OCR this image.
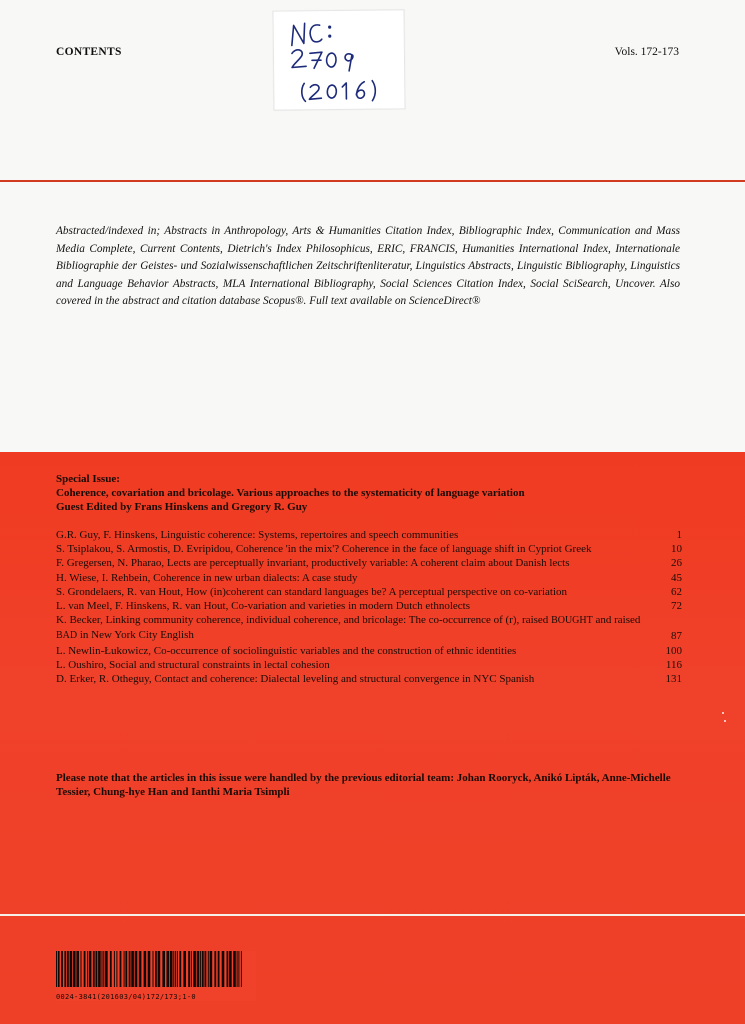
CONTENTS	Vols. 172-173
Abstracted/indexed in; Abstracts in Anthropology, Arts & Humanities Citation Index, Bibliographic Index, Communication and Mass Media Complete, Current Contents, Dietrich's Index Philosophicus, ERIC, FRANCIS, Humanities International Index, Internationale Bibliographie der Geistes- und Sozialwissenschaftlichen Zeitschriftenliteratur, Linguistics Abstracts, Linguistic Bibliography, Linguistics and Language Behavior Abstracts, MLA International Bibliography, Social Sciences Citation Index, Social SciSearch, Uncover. Also covered in the abstract and citation database Scopus®. Full text available on ScienceDirect®
Special Issue:
Coherence, covariation and bricolage. Various approaches to the systematicity of language variation
Guest Edited by Frans Hinskens and Gregory R. Guy
G.R. Guy, F. Hinskens, Linguistic coherence: Systems, repertoires and speech communities	1
S. Tsiplakou, S. Armostis, D. Evripidou, Coherence 'in the mix'? Coherence in the face of language shift in Cypriot Greek	10
F. Gregersen, N. Pharao, Lects are perceptually invariant, productively variable: A coherent claim about Danish lects	26
H. Wiese, I. Rehbein, Coherence in new urban dialects: A case study	45
S. Grondelaers, R. van Hout, How (in)coherent can standard languages be? A perceptual perspective on co-variation	62
L. van Meel, F. Hinskens, R. van Hout, Co-variation and varieties in modern Dutch ethnolects	72
K. Becker, Linking community coherence, individual coherence, and bricolage: The co-occurrence of (r), raised BOUGHT and raised BAD in New York City English	87
L. Newlin-Łukowicz, Co-occurrence of sociolinguistic variables and the construction of ethnic identities	100
L. Oushiro, Social and structural constraints in lectal cohesion	116
D. Erker, R. Otheguy, Contact and coherence: Dialectal leveling and structural convergence in NYC Spanish	131
Please note that the articles in this issue were handled by the previous editorial team: Johan Rooryck, Anikó Lipták, Anne-Michelle Tessier, Chung-hye Han and Ianthi Maria Tsimpli
0024-3841(201603/04)172/173;1-0
